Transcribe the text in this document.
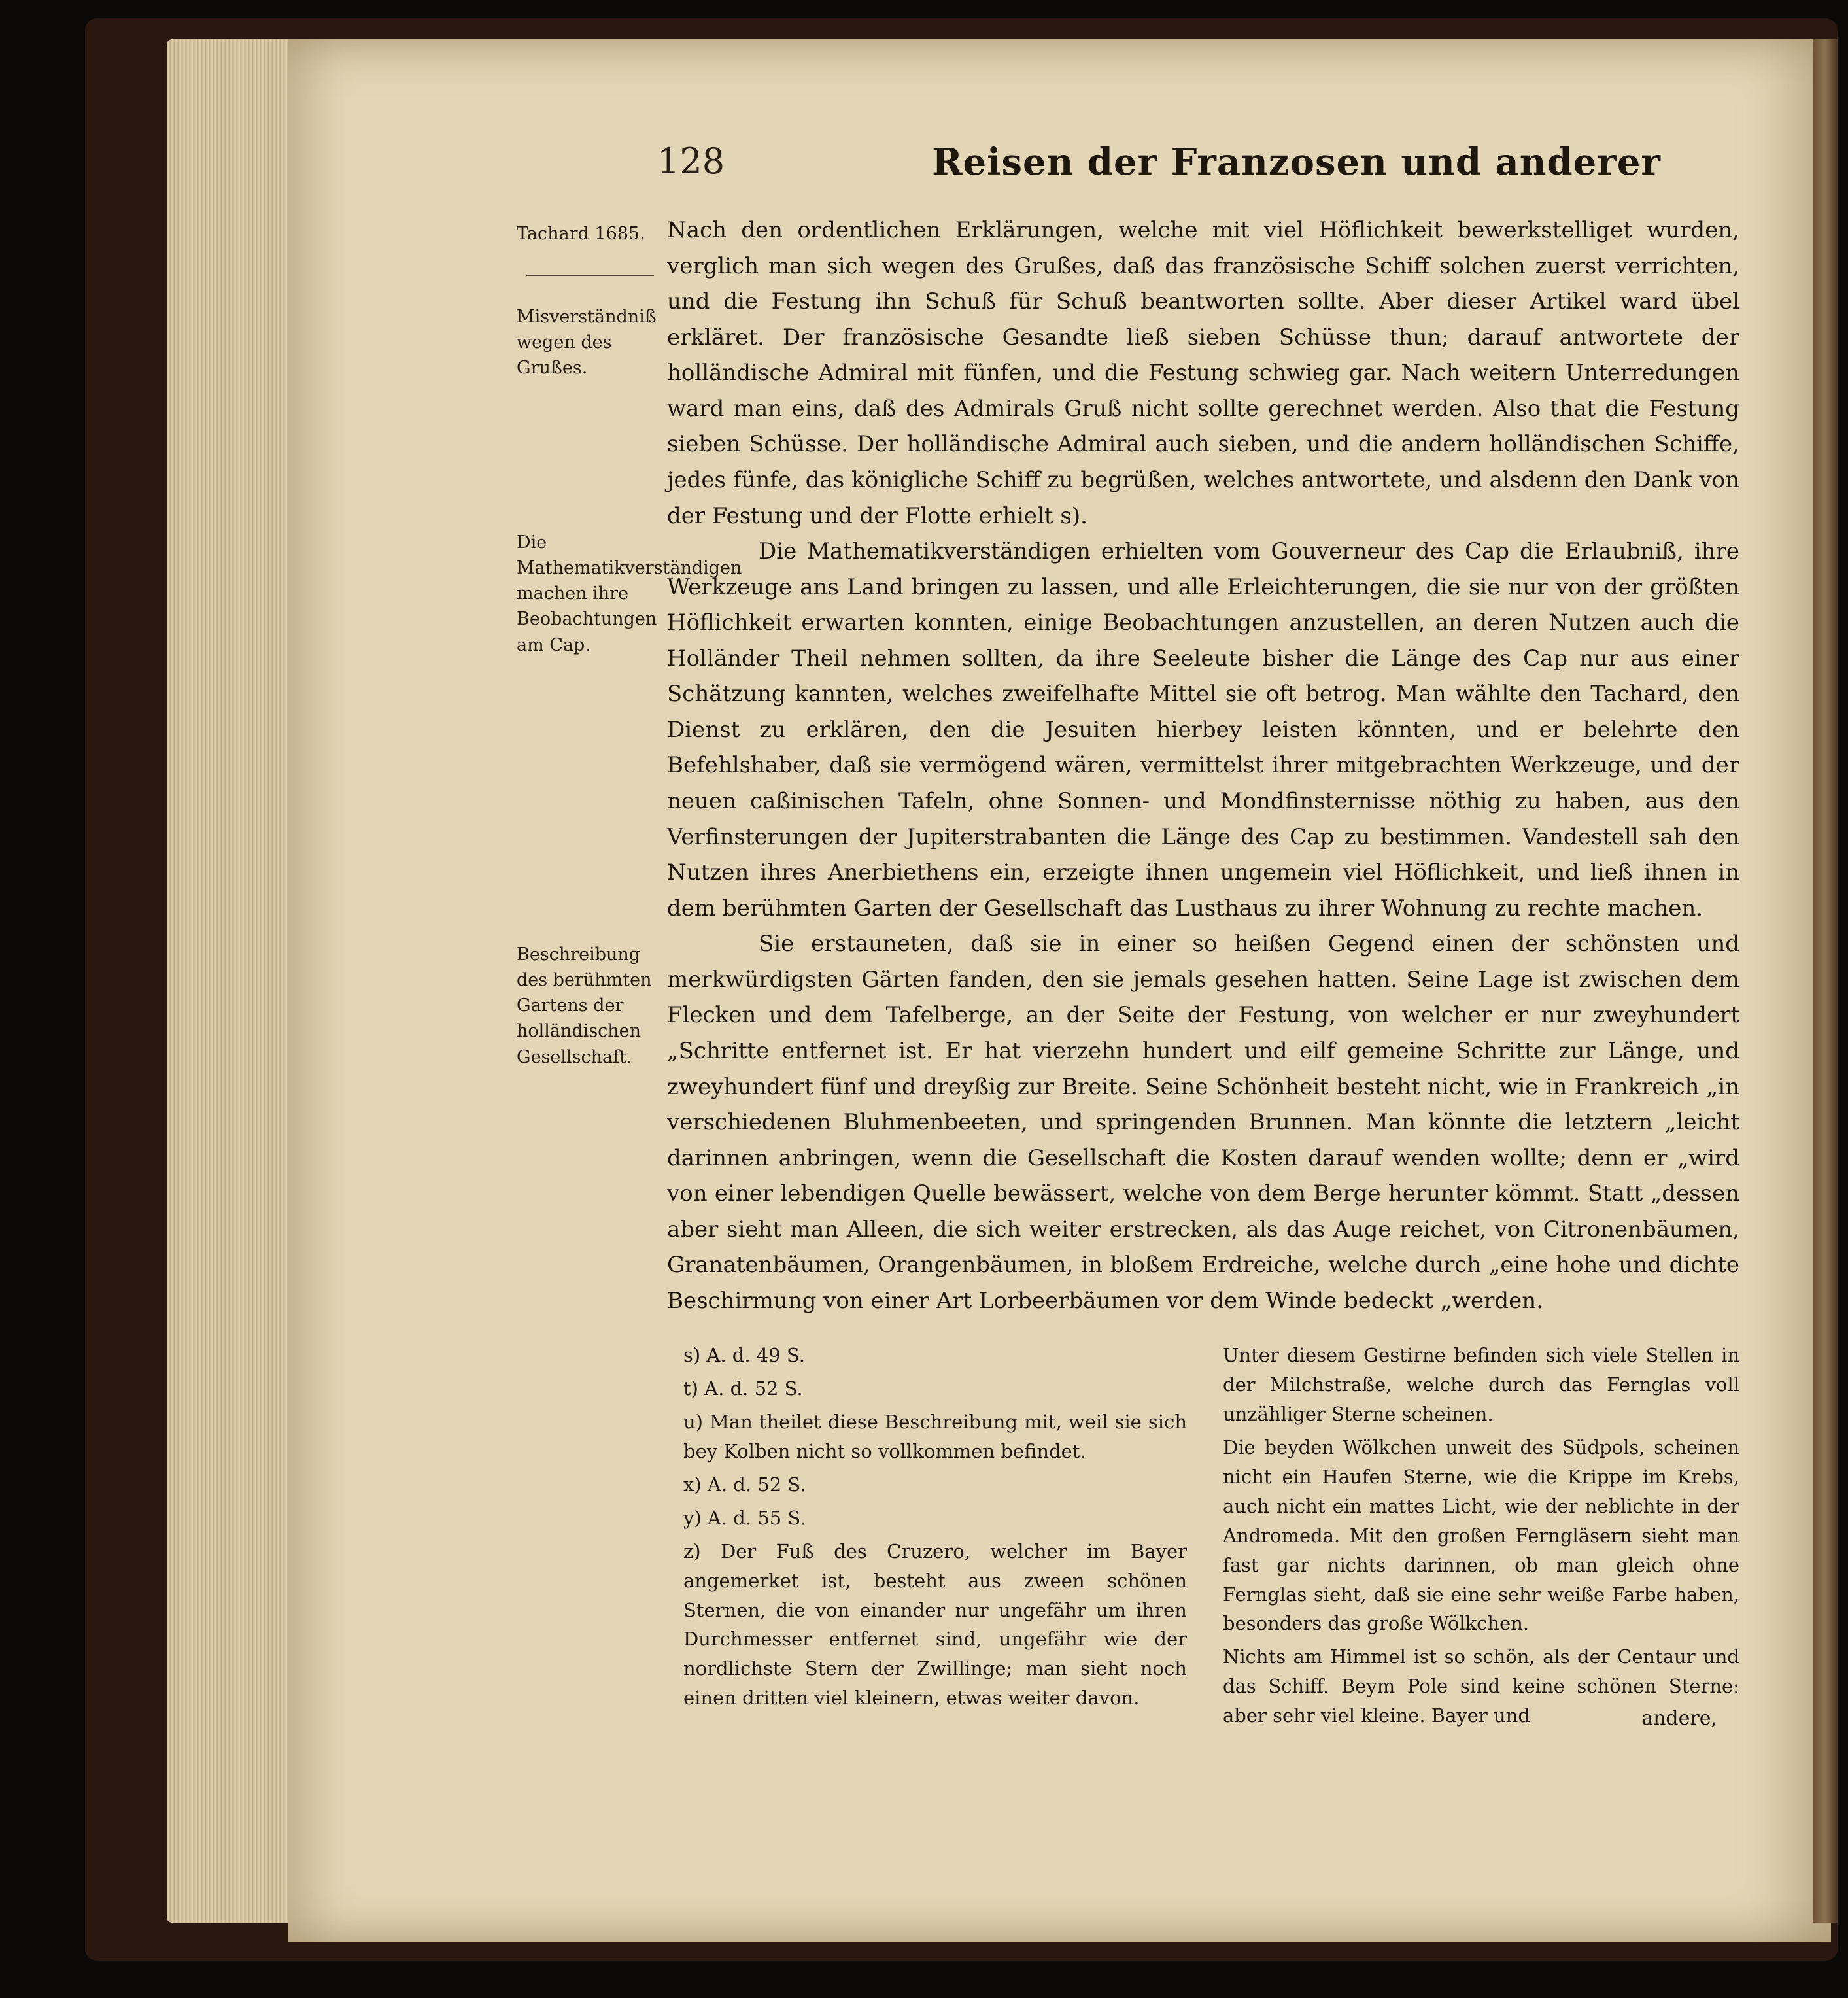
128	Reisen der Franzosen und anderer
Tachard 1685.
Misverständniß wegen des Grußes.
Die Mathematikverständigen machen ihre Beobachtungen am Cap.
Beschreibung des berühmten Gartens der holländischen Gesellschaft.

Nach den ordentlichen Erklärungen, welche mit viel Höflichkeit bewerkstelliget wurden, verglich man sich wegen des Grußes, daß das französische Schiff solchen zuerst verrichten, und die Festung ihn Schuß für Schuß beantworten sollte. Aber dieser Artikel ward übel erkläret. Der französische Gesandte ließ sieben Schüsse thun; darauf antwortete der holländische Admiral mit fünfen, und die Festung schwieg gar. Nach weitern Unterredungen ward man eins, daß des Admirals Gruß nicht sollte gerechnet werden. Also that die Festung sieben Schüsse. Der holländische Admiral auch sieben, und die andern holländischen Schiffe, jedes fünfe, das königliche Schiff zu begrüßen, welches antwortete, und alsdenn den Dank von der Festung und der Flotte erhielt s).

Die Mathematikverständigen erhielten vom Gouverneur des Cap die Erlaubniß, ihre Werkzeuge ans Land bringen zu lassen, und alle Erleichterungen, die sie nur von der größten Höflichkeit erwarten konnten, einige Beobachtungen anzustellen, an deren Nutzen auch die Holländer Theil nehmen sollten, da ihre Seeleute bisher die Länge des Cap nur aus einer Schätzung kannten, welches zweifelhafte Mittel sie oft betrog. Man wählte den Tachard, den Dienst zu erklären, den die Jesuiten hierbey leisten könnten, und er belehrte den Befehlshaber, daß sie vermögend wären, vermittelst ihrer mitgebrachten Werkzeuge, und der neuen caßinischen Tafeln, ohne Sonnen- und Mondfinsternisse nöthig zu haben, aus den Verfinsterungen der Jupiterstrabanten die Länge des Cap zu bestimmen. Vandestell sah den Nutzen ihres Anerbiethens ein, erzeigte ihnen ungemein viel Höflichkeit, und ließ ihnen in dem berühmten Garten der Gesellschaft das Lusthaus zu ihrer Wohnung zu rechte machen.

Sie erstauneten, daß sie in einer so heißen Gegend einen der schönsten und merkwürdigsten Gärten fanden, den sie jemals gesehen hatten. Seine Lage ist zwischen dem Flecken und dem Tafelberge, an der Seite der Festung, von welcher er nur zweyhundert „Schritte entfernet ist. Er hat vierzehn hundert und eilf gemeine Schritte zur Länge, und zweyhundert fünf und dreyßig zur Breite. Seine Schönheit besteht nicht, wie in Frankreich „in verschiedenen Bluhmenbeeten, und springenden Brunnen. Man könnte die letztern „leicht darinnen anbringen, wenn die Gesellschaft die Kosten darauf wenden wollte; denn er „wird von einer lebendigen Quelle bewässert, welche von dem Berge herunter kömmt. Statt „dessen aber sieht man Alleen, die sich weiter erstrecken, als das Auge reichet, von Citronenbäumen, Granatenbäumen, Orangenbäumen, in bloßem Erdreiche, welche durch „eine hohe und dichte Beschirmung von einer Art Lorbeerbäumen vor dem Winde bedeckt „werden.

s) A. d. 49 S.

t) A. d. 52 S.

u) Man theilet diese Beschreibung mit, weil sie sich bey Kolben nicht so vollkommen befindet.

x) A. d. 52 S.

y) A. d. 55 S.

z) Der Fuß des Cruzero, welcher im Bayer angemerket ist, besteht aus zween schönen Sternen, die von einander nur ungefähr um ihren Durchmesser entfernet sind, ungefähr wie der nordlichste Stern der Zwillinge; man sieht noch einen dritten viel kleinern, etwas weiter davon.

Unter diesem Gestirne befinden sich viele Stellen in der Milchstraße, welche durch das Fernglas voll unzähliger Sterne scheinen.

Die beyden Wölkchen unweit des Südpols, scheinen nicht ein Haufen Sterne, wie die Krippe im Krebs, auch nicht ein mattes Licht, wie der neblichte in der Andromeda. Mit den großen Ferngläsern sieht man fast gar nichts darinnen, ob man gleich ohne Fernglas sieht, daß sie eine sehr weiße Farbe haben, besonders das große Wölkchen.

Nichts am Himmel ist so schön, als der Centaur und das Schiff. Beym Pole sind keine schönen Sterne: aber sehr viel kleine. Bayer und	andere,
